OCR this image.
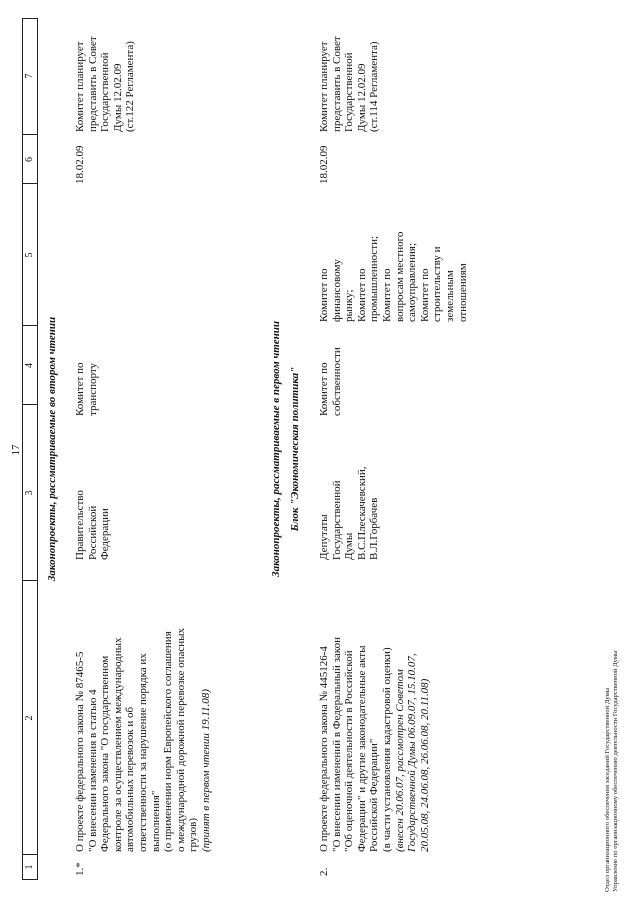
17
1
2
3
4
5
6
7
Законопроекты, рассматриваемые во втором чтении
1.*
О проекте федерального закона № 87465-5 "О внесении изменения в статью 4 Федерального закона "О государственном контроле за осуществлением международных автомобильных перевозок и об ответственности за нарушение порядка их выполнения" (о применении норм Европейского соглашения о международной дорожной перевозке опасных грузов) (принят в первом чтении 19.11.08)
Правительство Российской Федерации
Комитет по транспорту
18.02.09
Комитет планирует представить в Совет Государственной Думы 12.02.09 (ст.122 Регламента)
Законопроекты, рассматриваемые в первом чтении Блок "Экономическая политика"
2.
О проекте федерального закона № 445126-4 "О внесении изменений в Федеральный закон "Об оценочной деятельности в Российской Федерации" и другие законодательные акты Российской Федерации" (в части установления кадастровой оценки) (внесен 20.06.07, рассмотрен Советом Государственной Думы 06.09.07, 15.10.07, 20.05.08, 24.06.08, 26.06.08, 20.11.08)
Депутаты Государственной Думы В.С.Плескачевский, В.Л.Горбачев
Комитет по собственности
Комитет по финансовому рынку; Комитет по промышленности; Комитет по вопросам местного самоуправления; Комитет по строительству и земельным отношениям
18.02.09
Комитет планирует представить в Совет Государственной Думы 12.02.09 (ст.114 Регламента)
Отдел организационного обеспечения заседаний Государственной Думы Управление по организационному обеспечению деятельности Государственной Думы
